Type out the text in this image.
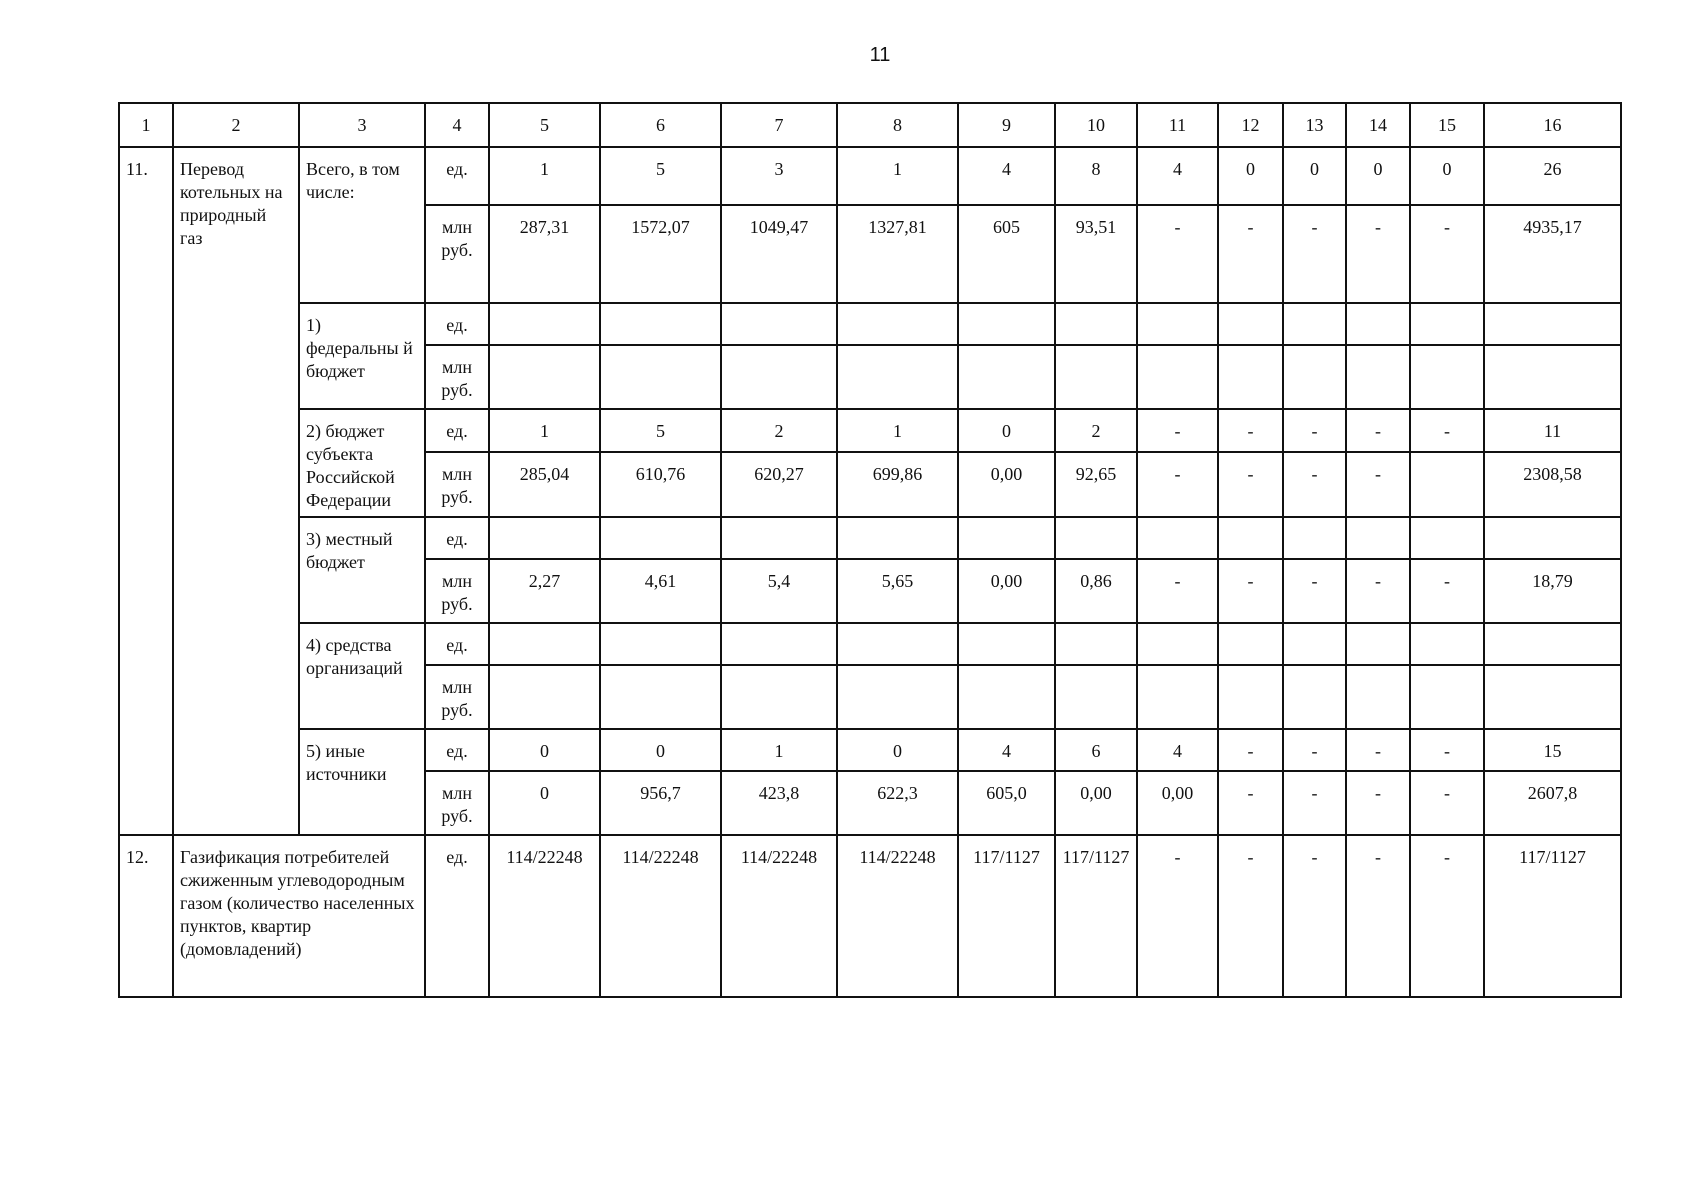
11
1	2	3	4	5	6	7	8	9	10	11	12	13	14	15	16
11.	Перевод котельных на природный газ	Всего, в том числе:	ед.	1	5	3	1	4	8	4	0	0	0	0	26
			млн руб.	287,31	1572,07	1049,47	1327,81	605	93,51	-	-	-	-	-	4935,17
		1) федеральны й бюджет	ед.												
			млн руб.												
		2) бюджет субъекта Российской Федерации	ед.	1	5	2	1	0	2	-	-	-	-	-	11
			млн руб.	285,04	610,76	620,27	699,86	0,00	92,65	-	-	-	-		2308,58
		3) местный бюджет	ед.												
			млн руб.	2,27	4,61	5,4	5,65	0,00	0,86	-	-	-	-	-	18,79
		4) средства организаций	ед.												
			млн руб.												
		5) иные источники	ед.	0	0	1	0	4	6	4	-	-	-	-	15
			млн руб.	0	956,7	423,8	622,3	605,0	0,00	0,00	-	-	-	-	2607,8
12.	Газификация потребителей сжиженным углеводородным газом (количество населенных пунктов, квартир (домовладений)		ед.	114/22248	114/22248	114/22248	114/22248	117/1127	117/1127	-	-	-	-	-	117/1127
